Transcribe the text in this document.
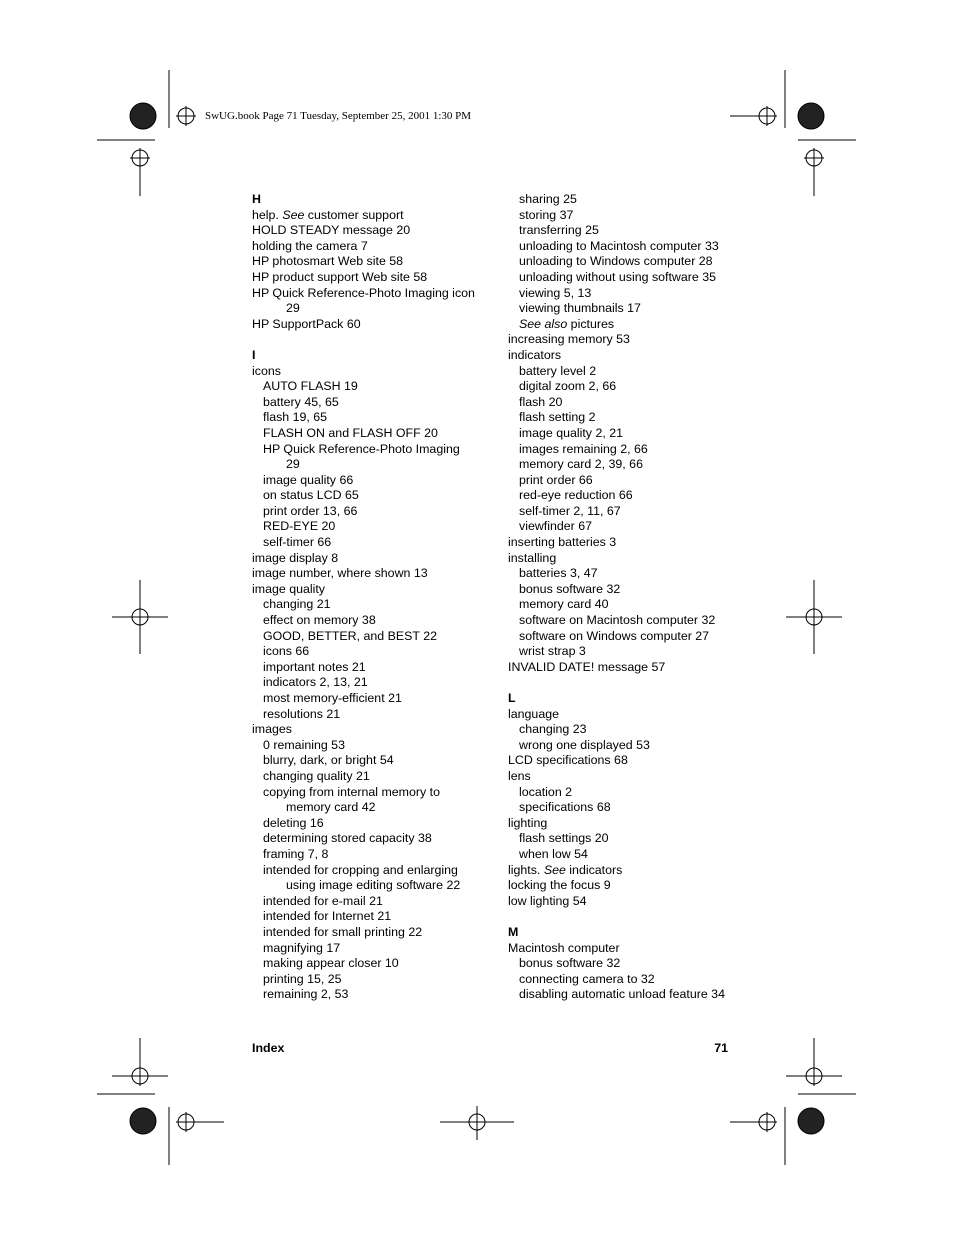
SwUG.book Page 71 Tuesday, September 25, 2001 1:30 PM
H
help. See customer support
HOLD STEADY message 20
holding the camera 7
HP photosmart Web site 58
HP product support Web site 58
HP Quick Reference-Photo Imaging icon
29
HP SupportPack 60
I
icons
AUTO FLASH 19
battery 45, 65
flash 19, 65
FLASH ON and FLASH OFF 20
HP Quick Reference-Photo Imaging
29
image quality 66
on status LCD 65
print order 13, 66
RED-EYE 20
self-timer 66
image display 8
image number, where shown 13
image quality
changing 21
effect on memory 38
GOOD, BETTER, and BEST 22
icons 66
important notes 21
indicators 2, 13, 21
most memory-efficient 21
resolutions 21
images
0 remaining 53
blurry, dark, or bright 54
changing quality 21
copying from internal memory to
memory card 42
deleting 16
determining stored capacity 38
framing 7, 8
intended for cropping and enlarging
using image editing software 22
intended for e-mail 21
intended for Internet 21
intended for small printing 22
magnifying 17
making appear closer 10
printing 15, 25
remaining 2, 53
sharing 25
storing 37
transferring 25
unloading to Macintosh computer 33
unloading to Windows computer 28
unloading without using software 35
viewing 5, 13
viewing thumbnails 17
See also pictures
increasing memory 53
indicators
battery level 2
digital zoom 2, 66
flash 20
flash setting 2
image quality 2, 21
images remaining 2, 66
memory card 2, 39, 66
print order 66
red-eye reduction 66
self-timer 2, 11, 67
viewfinder 67
inserting batteries 3
installing
batteries 3, 47
bonus software 32
memory card 40
software on Macintosh computer 32
software on Windows computer 27
wrist strap 3
INVALID DATE! message 57
L
language
changing 23
wrong one displayed 53
LCD specifications 68
lens
location 2
specifications 68
lighting
flash settings 20
when low 54
lights. See indicators
locking the focus 9
low lighting 54
M
Macintosh computer
bonus software 32
connecting camera to 32
disabling automatic unload feature 34
Index	71
